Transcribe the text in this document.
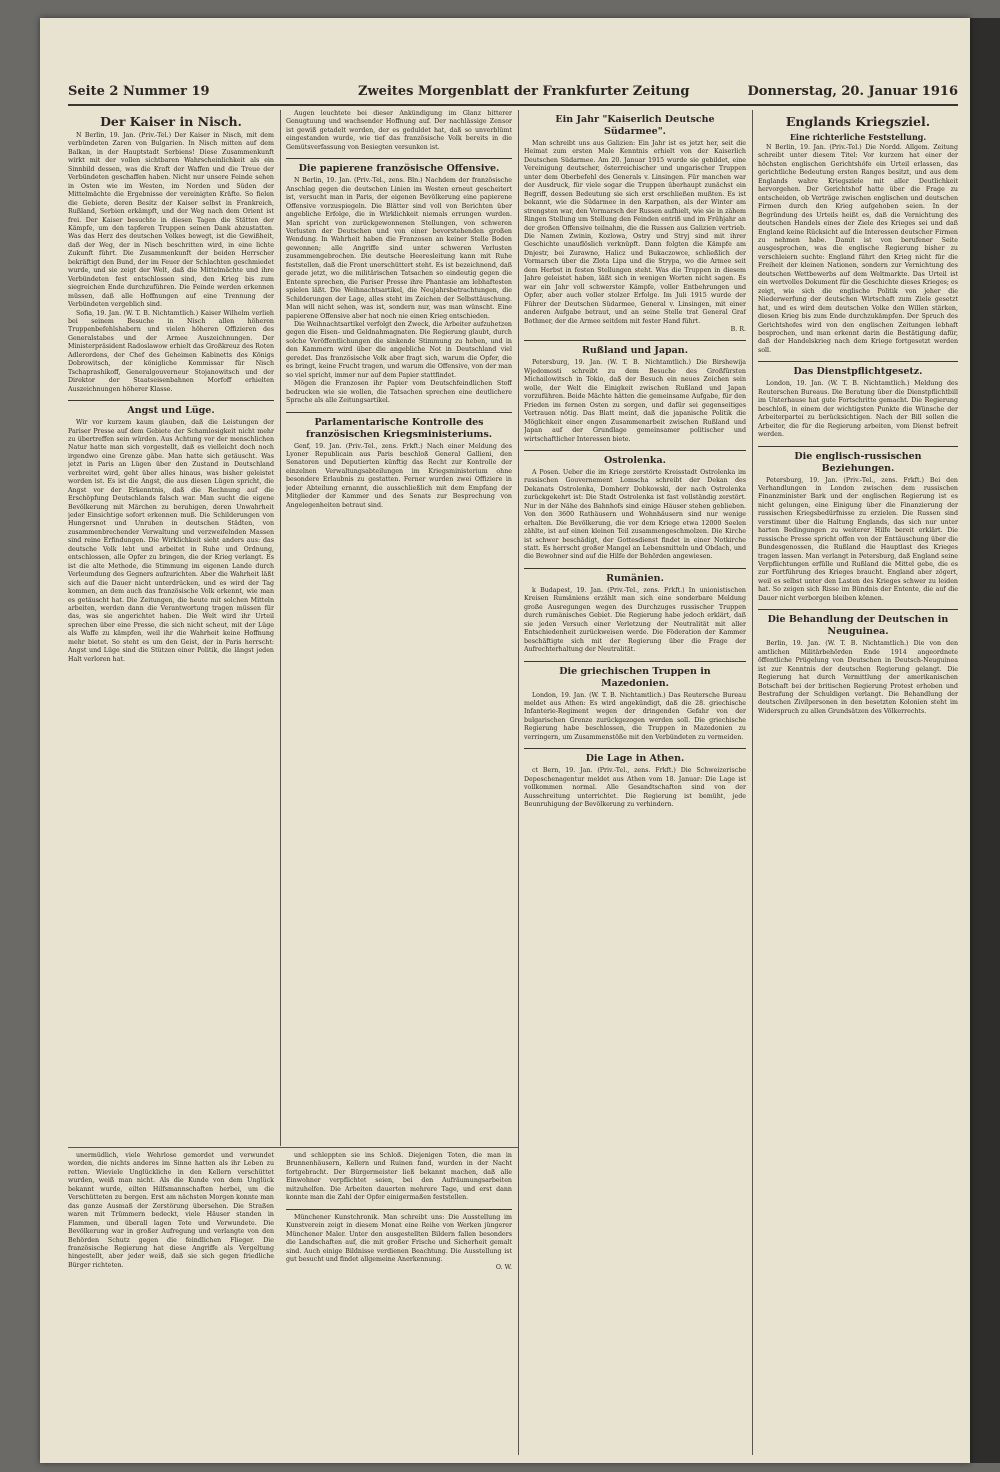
Seite 2 Nummer 19	Zweites Morgenblatt der Frankfurter Zeitung	Donnerstag, 20. Januar 1916
Der Kaiser in Nisch.

N Berlin, 19. Jan. (Priv.-Tel.) Der Kaiser in Nisch, mit dem verbündeten Zaren von Bulgarien. In Nisch mitten auf dem Balkan, in der Hauptstadt Serbiens! Diese Zusammenkunft wirkt mit der vollen sichtbaren Wahrscheinlichkeit als ein Sinnbild dessen, was die Kraft der Waffen und die Treue der Verbündeten geschaffen haben. Nicht nur unsere Feinde sehen in Osten wie im Westen, im Norden und Süden der Mittelmächte die Ergebnisse der vereinigten Kräfte. So fielen die Gebiete, deren Besitz der Kaiser selbst in Frankreich, Rußland, Serbien erkämpft, und der Weg nach dem Orient ist frei. Der Kaiser besuchte in diesen Tagen die Stätten der Kämpfe, um den tapferen Truppen seinen Dank abzustatten. Was das Herz des deutschen Volkes bewegt, ist die Gewißheit, daß der Weg, der in Nisch beschritten wird, in eine lichte Zukunft führt. Die Zusammenkunft der beiden Herrscher bekräftigt den Bund, der im Feuer der Schlachten geschmiedet wurde, und sie zeigt der Welt, daß die Mittelmächte und ihre Verbündeten fest entschlossen sind, den Krieg bis zum siegreichen Ende durchzuführen. Die Feinde werden erkennen müssen, daß alle Hoffnungen auf eine Trennung der Verbündeten vergeblich sind.

Sofia, 19. Jan. (W. T. B. Nichtamtlich.) Kaiser Wilhelm verlieh bei seinem Besuche in Nisch allen höheren Truppenbefehlshabern und vielen höheren Offizieren des Generalstabes und der Armee Auszeichnungen. Der Ministerpräsident Radoslawow erhielt das Großkreuz des Roten Adlerordens, der Chef des Geheimen Kabinetts des Königs Dobrowitsch, der königliche Kommissar für Nisch Tschaprashikoff, Generalgouverneur Stojanowitsch und der Direktor der Staatseisenbahnen Morfoff erhielten Auszeichnungen höherer Klasse.

Angst und Lüge.

Wir vor kurzem kaum glauben, daß die Leistungen der Pariser Presse auf dem Gebiete der Schamlosigkeit nicht mehr zu übertreffen sein würden. Aus Achtung vor der menschlichen Natur hatte man sich vorgestellt, daß es vielleicht doch noch irgendwo eine Grenze gäbe. Man hatte sich getäuscht. Was jetzt in Paris an Lügen über den Zustand in Deutschland verbreitet wird, geht über alles hinaus, was bisher geleistet worden ist. Es ist die Angst, die aus diesen Lügen spricht, die Angst vor der Erkenntnis, daß die Rechnung auf die Erschöpfung Deutschlands falsch war. Man sucht die eigene Bevölkerung mit Märchen zu beruhigen, deren Unwahrheit jeder Einsichtige sofort erkennen muß. Die Schilderungen von Hungersnot und Unruhen in deutschen Städten, von zusammenbrechender Verwaltung und verzweifelnden Massen sind reine Erfindungen. Die Wirklichkeit sieht anders aus: das deutsche Volk lebt und arbeitet in Ruhe und Ordnung, entschlossen, alle Opfer zu bringen, die der Krieg verlangt. Es ist die alte Methode, die Stimmung im eigenen Lande durch Verleumdung des Gegners aufzurichten. Aber die Wahrheit läßt sich auf die Dauer nicht unterdrücken, und es wird der Tag kommen, an dem auch das französische Volk erkennt, wie man es getäuscht hat. Die Zeitungen, die heute mit solchen Mitteln arbeiten, werden dann die Verantwortung tragen müssen für das, was sie angerichtet haben. Die Welt wird ihr Urteil sprechen über eine Presse, die sich nicht scheut, mit der Lüge als Waffe zu kämpfen, weil ihr die Wahrheit keine Hoffnung mehr bietet. So steht es um den Geist, der in Paris herrscht: Angst und Lüge sind die Stützen einer Politik, die längst jeden Halt verloren hat.

Augen leuchtete bei dieser Ankündigung im Glanz bitterer Genugtuung und wachsender Hoffnung auf. Der nachlässige Zensor ist gewiß getadelt worden, der es geduldet hat, daß so unverblümt eingestanden wurde, wie tief das französische Volk bereits in die Gemütsverfassung von Besiegten versunken ist.

Die papierene französische Offensive.

N Berlin, 19. Jan. (Priv.-Tel., zens. Bln.) Nachdem der französische Anschlag gegen die deutschen Linien im Westen erneut gescheitert ist, versucht man in Paris, der eigenen Bevölkerung eine papierene Offensive vorzuspiegeln. Die Blätter sind voll von Berichten über angebliche Erfolge, die in Wirklichkeit niemals errungen wurden. Man spricht von zurückgewonnenen Stellungen, von schweren Verlusten der Deutschen und von einer bevorstehenden großen Wendung. In Wahrheit haben die Franzosen an keiner Stelle Boden gewonnen; alle Angriffe sind unter schweren Verlusten zusammengebrochen. Die deutsche Heeresleitung kann mit Ruhe feststellen, daß die Front unerschüttert steht. Es ist bezeichnend, daß gerade jetzt, wo die militärischen Tatsachen so eindeutig gegen die Entente sprechen, die Pariser Presse ihre Phantasie am lebhaftesten spielen läßt. Die Weihnachtsartikel, die Neujahrsbetrachtungen, die Schilderungen der Lage, alles steht im Zeichen der Selbsttäuschung. Man will nicht sehen, was ist, sondern nur, was man wünscht. Eine papierene Offensive aber hat noch nie einen Krieg entschieden.

Die Weihnachtsartikel verfolgt den Zweck, die Arbeiter aufzuhetzen gegen die Eisen- und Geldnahmagnaten. Die Regierung glaubt, durch solche Veröffentlichungen die sinkende Stimmung zu heben, und in den Kammern wird über die angebliche Not in Deutschland viel geredet. Das französische Volk aber fragt sich, warum die Opfer, die es bringt, keine Frucht tragen, und warum die Offensive, von der man so viel spricht, immer nur auf dem Papier stattfindet.

Mögen die Franzosen ihr Papier vom Deutschfeindlichen Stoff bedrucken wie sie wollen, die Tatsachen sprechen eine deutlichere Sprache als alle Zeitungsartikel.

Parlamentarische Kontrolle des französischen Kriegsministeriums.

Genf, 19. Jan. (Priv.-Tel., zens. Frkft.) Nach einer Meldung des Lyoner Republicain aus Paris beschloß General Gallieni, den Senatoren und Deputierten künftig das Recht zur Kontrolle der einzelnen Verwaltungsabteilungen im Kriegsministerium ohne besondere Erlaubnis zu gestatten. Ferner wurden zwei Offiziere in jeder Abteilung ernannt, die ausschließlich mit dem Empfang der Mitglieder der Kammer und des Senats zur Besprechung von Angelegenheiten betraut sind.

unermüdlich, viele Wehrlose gemordet und verwundet worden, die nichts anderes im Sinne hatten als ihr Leben zu retten. Wieviele Unglückliche in den Kellern verschüttet wurden, weiß man nicht. Als die Kunde von dem Unglück bekannt wurde, eilten Hilfsmannschaften herbei, um die Verschütteten zu bergen. Erst am nächsten Morgen konnte man das ganze Ausmaß der Zerstörung übersehen. Die Straßen waren mit Trümmern bedeckt, viele Häuser standen in Flammen, und überall lagen Tote und Verwundete. Die Bevölkerung war in großer Aufregung und verlangte von den Behörden Schutz gegen die feindlichen Flieger. Die französische Regierung hat diese Angriffe als Vergeltung hingestellt, aber jeder weiß, daß sie sich gegen friedliche Bürger richteten.

und schleppten sie ins Schloß. Diejenigen Toten, die man in Brunnenhäusern, Kellern und Ruinen fand, wurden in der Nacht fortgebracht. Der Bürgermeister ließ bekannt machen, daß alle Einwohner verpflichtet seien, bei den Aufräumungsarbeiten mitzuhelfen. Die Arbeiten dauerten mehrere Tage, und erst dann konnte man die Zahl der Opfer einigermaßen feststellen.

Münchener Kunstchronik. Man schreibt uns: Die Ausstellung im Kunstverein zeigt in diesem Monat eine Reihe von Werken jüngerer Münchener Maler. Unter den ausgestellten Bildern fallen besonders die Landschaften auf, die mit großer Frische und Sicherheit gemalt sind. Auch einige Bildnisse verdienen Beachtung. Die Ausstellung ist gut besucht und findet allgemeine Anerkennung.

O. W.

Ein Jahr "Kaiserlich Deutsche Südarmee".

Man schreibt uns aus Galizien: Ein Jahr ist es jetzt her, seit die Heimat zum ersten Male Kenntnis erhielt von der Kaiserlich Deutschen Südarmee. Am 20. Januar 1915 wurde sie gebildet, eine Vereinigung deutscher, österreichischer und ungarischer Truppen unter dem Oberbefehl des Generals v. Linsingen. Für manchen war der Ausdruck, für viele sogar die Truppen überhaupt zunächst ein Begriff, dessen Bedeutung sie sich erst erschließen mußten. Es ist bekannt, wie die Südarmee in den Karpathen, als der Winter am strengsten war, den Vormarsch der Russen aufhielt, wie sie in zähem Ringen Stellung um Stellung den Feinden entriß und im Frühjahr an der großen Offensive teilnahm, die die Russen aus Galizien vertrieb. Die Namen Zwinin, Kozlowa, Ostry und Stryj sind mit ihrer Geschichte unauflöslich verknüpft. Dann folgten die Kämpfe am Dnjestr, bei Zurawno, Halicz und Bukaczowce, schließlich der Vormarsch über die Zlota Lipa und die Strypa, wo die Armee seit dem Herbst in festen Stellungen steht. Was die Truppen in diesem Jahre geleistet haben, läßt sich in wenigen Worten nicht sagen. Es war ein Jahr voll schwerster Kämpfe, voller Entbehrungen und Opfer, aber auch voller stolzer Erfolge. Im Juli 1915 wurde der Führer der Deutschen Südarmee, General v. Linsingen, mit einer anderen Aufgabe betraut, und an seine Stelle trat General Graf Bothmer, der die Armee seitdem mit fester Hand führt.

B. R.

Rußland und Japan.

Petersburg, 19. Jan. (W. T. B. Nichtamtlich.) Die Birshewija Wjedomosti schreibt zu dem Besuche des Großfürsten Michailowitsch in Tokio, daß der Besuch ein neues Zeichen sein wolle, der Welt die Einigkeit zwischen Rußland und Japan vorzuführen. Beide Mächte hätten die gemeinsame Aufgabe, für den Frieden im fernen Osten zu sorgen, und dafür sei gegenseitiges Vertrauen nötig. Das Blatt meint, daß die japanische Politik die Möglichkeit einer engen Zusammenarbeit zwischen Rußland und Japan auf der Grundlage gemeinsamer politischer und wirtschaftlicher Interessen biete.

Ostrolenka.

A Posen. Ueber die im Kriege zerstörte Kreisstadt Ostrolenka im russischen Gouvernement Lomscha schreibt der Dekan des Dekanats Ostrolenka, Domherr Dobkowski, der nach Ostrolenka zurückgekehrt ist: Die Stadt Ostrolenka ist fast vollständig zerstört. Nur in der Nähe des Bahnhofs sind einige Häuser stehen geblieben. Von den 3600 Rathäusern und Wohnhäusern sind nur wenige erhalten. Die Bevölkerung, die vor dem Kriege etwa 12000 Seelen zählte, ist auf einen kleinen Teil zusammengeschmolzen. Die Kirche ist schwer beschädigt, der Gottesdienst findet in einer Notkirche statt. Es herrscht großer Mangel an Lebensmitteln und Obdach, und die Bewohner sind auf die Hilfe der Behörden angewiesen.

Rumänien.

k Budapest, 19. Jan. (Priv.-Tel., zens. Frkft.) In unionistischen Kreisen Rumäniens erzählt man sich eine sonderbare Meldung große Ausregungen wegen des Durchzuges russischer Truppen durch rumänisches Gebiet. Die Regierung habe jedoch erklärt, daß sie jeden Versuch einer Verletzung der Neutralität mit aller Entschiedenheit zurückweisen werde. Die Föderation der Kammer beschäftigte sich mit der Regierung über die Frage der Aufrechterhaltung der Neutralität.

Die griechischen Truppen in Mazedonien.

London, 19. Jan. (W. T. B. Nichtamtlich.) Das Reutersche Bureau meldet aus Athen: Es wird angekündigt, daß die 28. griechische Infanterie-Regiment wegen der dringenden Gefahr von der bulgarischen Grenze zurückgezogen werden soll. Die griechische Regierung habe beschlossen, die Truppen in Mazedonien zu verringern, um Zusammenstöße mit den Verbündeten zu vermeiden.

Die Lage in Athen.

ct Bern, 19. Jan. (Priv.-Tel., zens. Frkft.) Die Schweizerische Depeschenagentur meldet aus Athen vom 18. Januar: Die Lage ist vollkommen normal. Alle Gesandtschaften sind von der Ausschreitung unterrichtet. Die Regierung ist bemüht, jede Beunruhigung der Bevölkerung zu verhindern.

Englands Kriegsziel.
Eine richterliche Feststellung.

N Berlin, 19. Jan. (Priv.-Tel.) Die Nordd. Allgem. Zeitung schreibt unter diesem Titel: Vor kurzem hat einer der höchsten englischen Gerichtshöfe ein Urteil erlassen, das gerichtliche Bedeutung ersten Ranges besitzt, und aus dem Englands wahre Kriegsziele mit aller Deutlichkeit hervorgehen. Der Gerichtshof hatte über die Frage zu entscheiden, ob Verträge zwischen englischen und deutschen Firmen durch den Krieg aufgehoben seien. In der Begründung des Urteils heißt es, daß die Vernichtung des deutschen Handels eines der Ziele des Krieges sei und daß England keine Rücksicht auf die Interessen deutscher Firmen zu nehmen habe. Damit ist von berufener Seite ausgesprochen, was die englische Regierung bisher zu verschleiern suchte: England führt den Krieg nicht für die Freiheit der kleinen Nationen, sondern zur Vernichtung des deutschen Wettbewerbs auf dem Weltmarkte. Das Urteil ist ein wertvolles Dokument für die Geschichte dieses Krieges; es zeigt, wie sich die englische Politik von jeher die Niederwerfung der deutschen Wirtschaft zum Ziele gesetzt hat, und es wird dem deutschen Volke den Willen stärken, diesen Krieg bis zum Ende durchzukämpfen. Der Spruch des Gerichtshofes wird von den englischen Zeitungen lebhaft besprochen, und man erkennt darin die Bestätigung dafür, daß der Handelskrieg nach dem Kriege fortgesetzt werden soll.

Das Dienstpflichtgesetz.

London, 19. Jan. (W. T. B. Nichtamtlich.) Meldung des Reuterschen Bureaus. Die Beratung über die Dienstpflichtbill im Unterhause hat gute Fortschritte gemacht. Die Regierung beschloß, in einem der wichtigsten Punkte die Wünsche der Arbeiterpartei zu berücksichtigen. Nach der Bill sollen die Arbeiter, die für die Regierung arbeiten, vom Dienst befreit werden.

Die englisch-russischen Beziehungen.

Petersburg, 19. Jan. (Priv.-Tel., zens. Frkft.) Bei den Verhandlungen in London zwischen dem russischen Finanzminister Bark und der englischen Regierung ist es nicht gelungen, eine Einigung über die Finanzierung der russischen Kriegsbedürfnisse zu erzielen. Die Russen sind verstimmt über die Haltung Englands, das sich nur unter harten Bedingungen zu weiterer Hilfe bereit erklärt. Die russische Presse spricht offen von der Enttäuschung über die Bundesgenossen, die Rußland die Hauptlast des Krieges tragen lassen. Man verlangt in Petersburg, daß England seine Verpflichtungen erfülle und Rußland die Mittel gebe, die es zur Fortführung des Krieges braucht. England aber zögert, weil es selbst unter den Lasten des Krieges schwer zu leiden hat. So zeigen sich Risse im Bündnis der Entente, die auf die Dauer nicht verborgen bleiben können.

Die Behandlung der Deutschen in Neuguinea.

Berlin, 19. Jan. (W. T. B. Nichtamtlich.) Die von den amtlichen Militärbehörden Ende 1914 angeordnete öffentliche Prügelung von Deutschen in Deutsch-Neuguinea ist zur Kenntnis der deutschen Regierung gelangt. Die Regierung hat durch Vermittlung der amerikanischen Botschaft bei der britischen Regierung Protest erhoben und Bestrafung der Schuldigen verlangt. Die Behandlung der deutschen Zivilpersonen in den besetzten Kolonien steht im Widerspruch zu allen Grundsätzen des Völkerrechts.
